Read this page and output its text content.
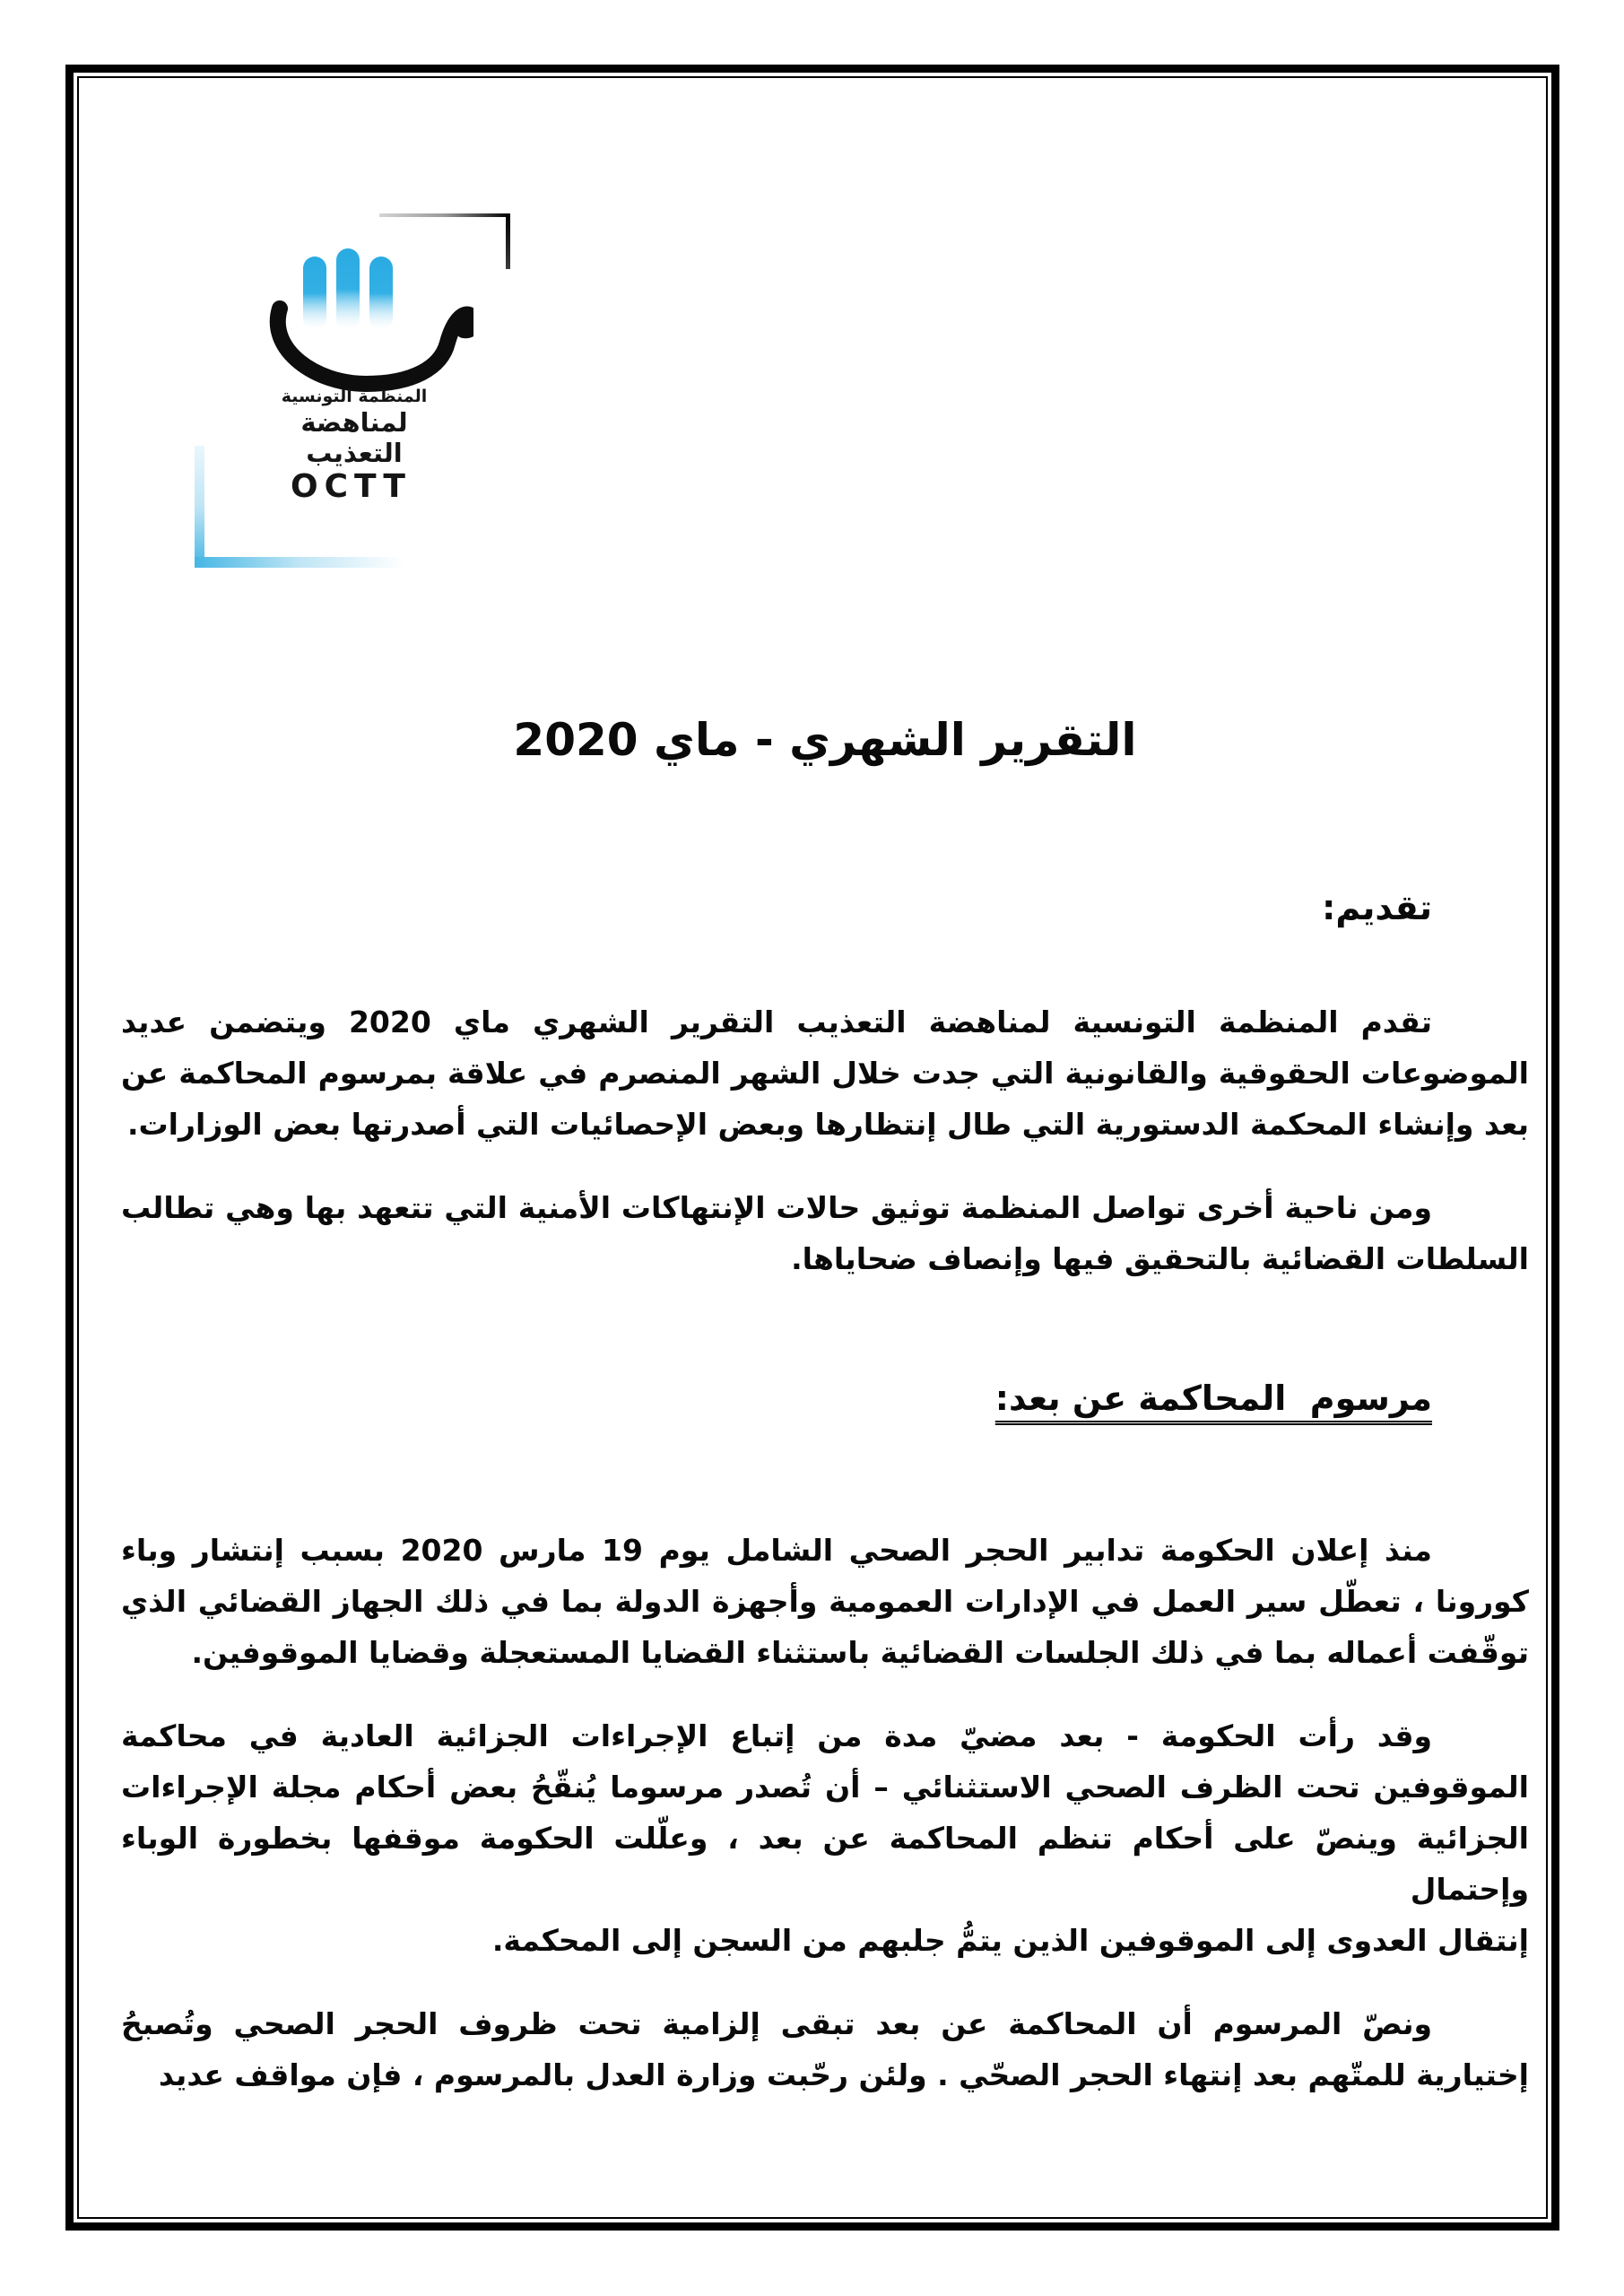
المنظمة التونسية
لمناهضة
التعذيب
OCTT
التقرير الشهري - ماي 2020
تقديم:
تقدم المنظمة التونسية لمناهضة التعذيب التقرير الشهري ماي 2020 ويتضمن عديد
الموضوعات الحقوقية والقانونية التي جدت خلال الشهر المنصرم في علاقة بمرسوم المحاكمة عن
بعد وإنشاء المحكمة الدستورية التي طال إنتظارها وبعض الإحصائيات التي أصدرتها بعض الوزارات.
ومن ناحية أخرى تواصل المنظمة توثيق حالات الإنتهاكات الأمنية التي تتعهد بها وهي تطالب
السلطات القضائية بالتحقيق فيها وإنصاف ضحاياها.
مرسوم  المحاكمة عن بعد:
منذ إعلان الحكومة تدابير الحجر الصحي الشامل يوم 19 مارس 2020 بسبب إنتشار وباء
كورونا ، تعطّل سير العمل في الإدارات العمومية وأجهزة الدولة بما في ذلك الجهاز القضائي الذي
توقّفت أعماله بما في ذلك الجلسات القضائية باستثناء القضايا المستعجلة وقضايا الموقوفين.
وقد رأت الحكومة - بعد مضيّ مدة من إتباع الإجراءات الجزائية العادية في محاكمة
الموقوفين تحت الظرف الصحي الاستثنائي – أن تُصدر مرسوما يُنقّحُ بعض أحكام مجلة الإجراءات
الجزائية وينصّ على أحكام تنظم المحاكمة عن بعد ، وعلّلت الحكومة موقفها بخطورة الوباء وإحتمال
إنتقال العدوى إلى الموقوفين الذين يتمُّ جلبهم من السجن إلى المحكمة.
ونصّ المرسوم أن المحاكمة عن بعد تبقى إلزامية تحت ظروف الحجر الصحي وتُصبحُ
إختيارية للمتّهم بعد إنتهاء الحجر الصحّي . ولئن رحّبت وزارة العدل بالمرسوم ، فإن مواقف عديد
